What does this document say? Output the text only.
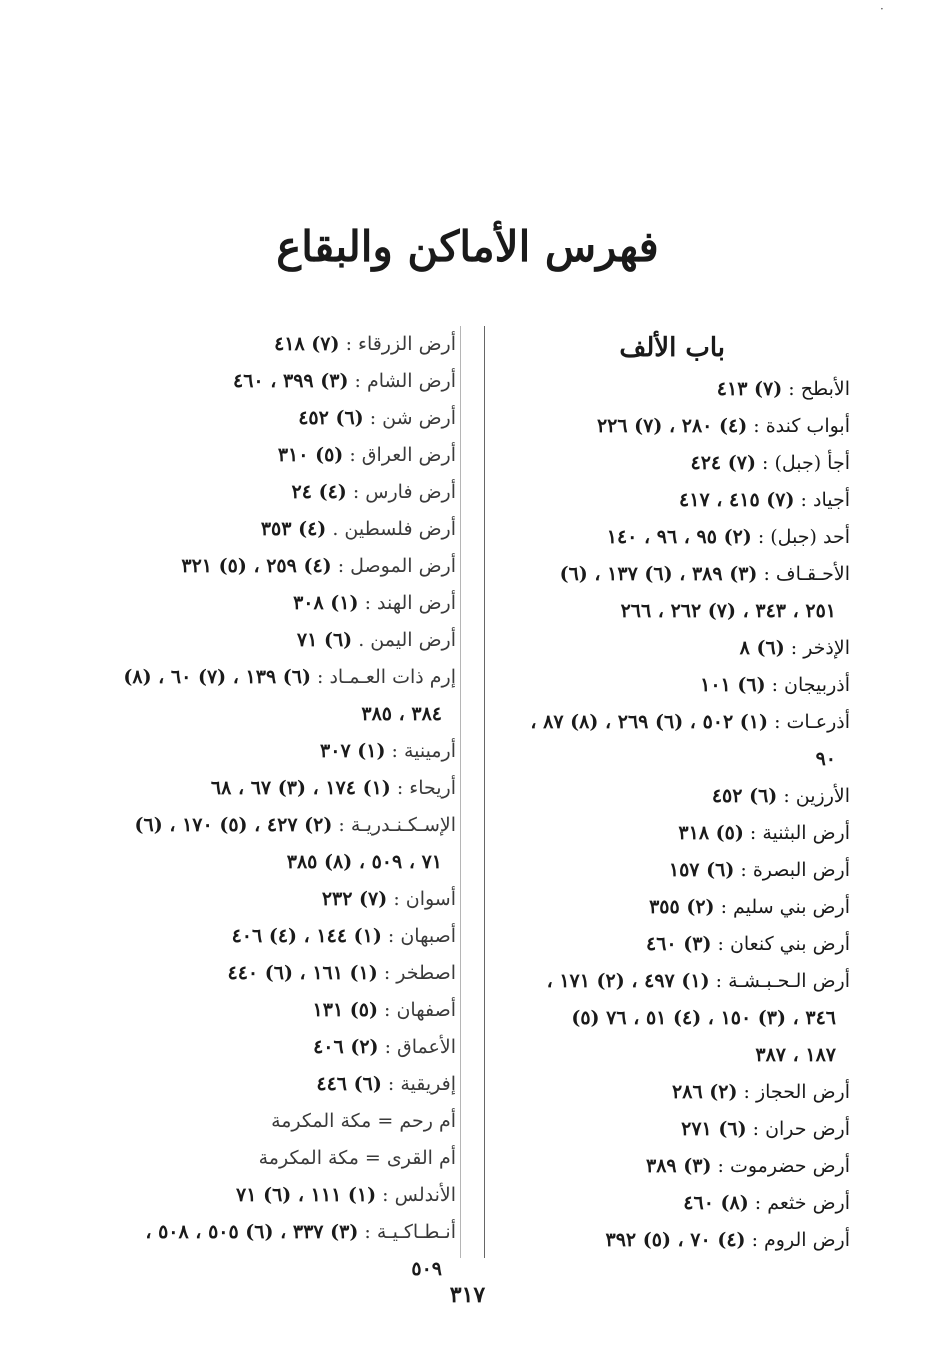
·
فهرس الأماكن والبقاع
باب الألف
الأبطح : (٧) ٤١٣
أبواب كندة : (٤) ٢٨٠ ، (٧) ٢٢٦
أجأ (جبل) : (٧) ٤٢٤
أجياد : (٧) ٤١٥ ، ٤١٧
أحد (جبل) : (٢) ٩٥ ، ٩٦ ، ١٤٠
الأحـقـاف : (٣) ٣٨٩ ، (٦) ١٣٧ ، (٦)
٢٥١ ، ٣٤٣ ، (٧) ٢٦٢ ، ٢٦٦
الإذخر : (٦) ٨
أذربيجان : (٦) ١٠١
أذرعـات : (١) ٥٠٢ ، (٦) ٢٦٩ ، (٨) ٨٧ ،
٩٠
الأرزين : (٦) ٤٥٢
أرض البثنية : (٥) ٣١٨
أرض البصرة : (٦) ١٥٧
أرض بني سليم : (٢) ٣٥٥
أرض بني كنعان : (٣) ٤٦٠
أرض الـحـبـشـة : (١) ٤٩٧ ، (٢) ١٧١ ،
٣٤٦ ، (٣) ١٥٠ ، (٤) ٥١ ، ٧٦ (٥)
١٨٧ ، ٣٨٧
أرض الحجاز : (٢) ٢٨٦
أرض حران : (٦) ٢٧١
أرض حضرموت : (٣) ٣٨٩
أرض خثعم : (٨) ٤٦٠
أرض الروم : (٤) ٧٠ ، (٥) ٣٩٢
أرض الزرقاء : (٧) ٤١٨
أرض الشام : (٣) ٣٩٩ ، ٤٦٠
أرض شن : (٦) ٤٥٢
أرض العراق : (٥) ٣١٠
أرض فارس : (٤) ٢٤
أرض فلسطين . (٤) ٣٥٣
أرض الموصل : (٤) ٢٥٩ ، (٥) ٣٢١
أرض الهند : (١) ٣٠٨
أرض اليمن . (٦) ٧١
إرم ذات العـمـاد : (٦) ١٣٩ ، (٧) ٦٠ ، (٨)
٣٨٤ ، ٣٨٥
أرمينية : (١) ٣٠٧
أريحاء : (١) ١٧٤ ، (٣) ٦٧ ، ٦٨
الإسـكـنـدريـة : (٢) ٤٢٧ ، (٥) ١٧٠ ، (٦)
٧١ ، ٥٠٩ ، (٨) ٣٨٥
أسوان : (٧) ٢٣٢
أصبهان : (١) ١٤٤ ، (٤) ٤٠٦
اصطخر : (١) ١٦١ ، (٦) ٤٤٠
أصفهان : (٥) ١٣١
الأعماق : (٢) ٤٠٦
إفريقية : (٦) ٤٤٦
أم رحم = مكة المكرمة
أم القرى = مكة المكرمة
الأندلس : (١) ١١١ ، (٦) ٧١
أنـطـاكـيـة : (٣) ٣٣٧ ، (٦) ٥٠٥ ، ٥٠٨ ،
٥٠٩
٣١٧
